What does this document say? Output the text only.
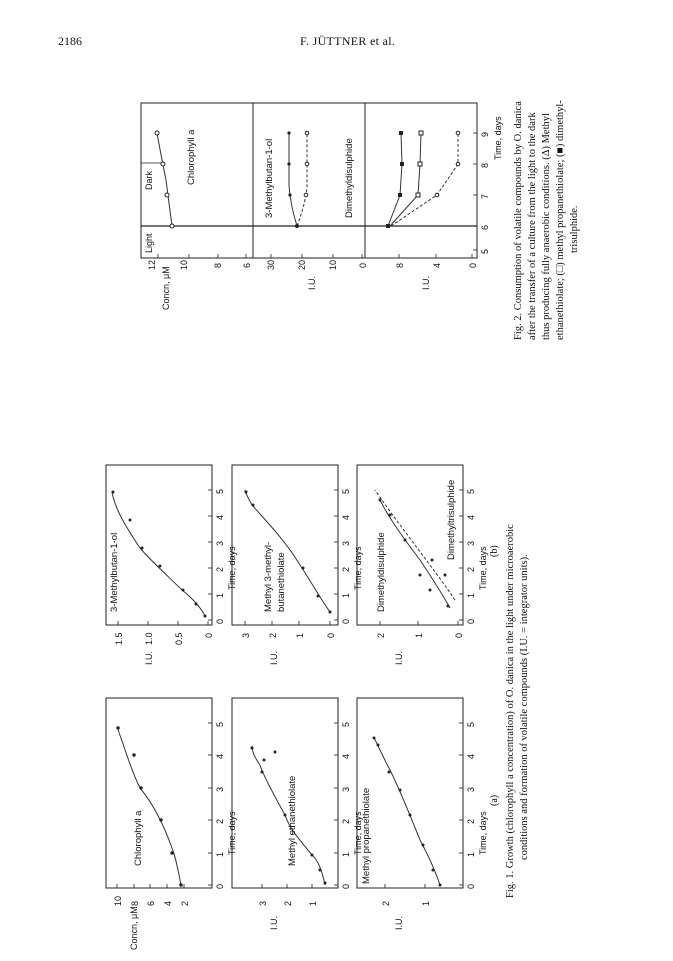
2186	F. JÜTTNER et al.
10 8 6 4 2	3 2 1	2	1
1.5 1.0 0.5 0	3 2 1 0	2	1	0
0
1
2
3
4
5
0
1
2
3
4
5
0
1
2
3
4
5
0
1
2
3
4
5
0
1
2
3
4
5
0
1
2
3
4
5
Time, days	Time, days	Time, days
Time, days	Time, days	Time, days
Concn, μM	I.U.	I.U.
I.U.	I.U.	I.U.
Chlorophyll a	Methyl ethanethiolate	Methyl propanethiolate
3-Methylbutan-1-ol	Methyl 3-methyl-butanethiolate	Dimethyldisulphide
Dimethyltrisulphide
(a)
(b) Fig. 1. Growth (chlorophyll a concentration) of O. danica in the light under microaerobic conditions and formation of volatile compounds (I.U. = integrator units).
12 10	8 6 30 20 10 0	8	4	0
5
6
7
8
9 Time, days
Concn, μM	I.U.	I.U.
Light
Dark	Chlorophyll a	3-Methylbutan-1-ol	Dimethyldisulphide	Fig. 2. Consumption of volatile compounds by O. danica after the transfer of a culture from the light to the dark thus producing fully anaerobic conditions. (Δ) Methyl ethanethiolate; (□) methyl propanethiolate; (■) dimethyl- trisulphide.
